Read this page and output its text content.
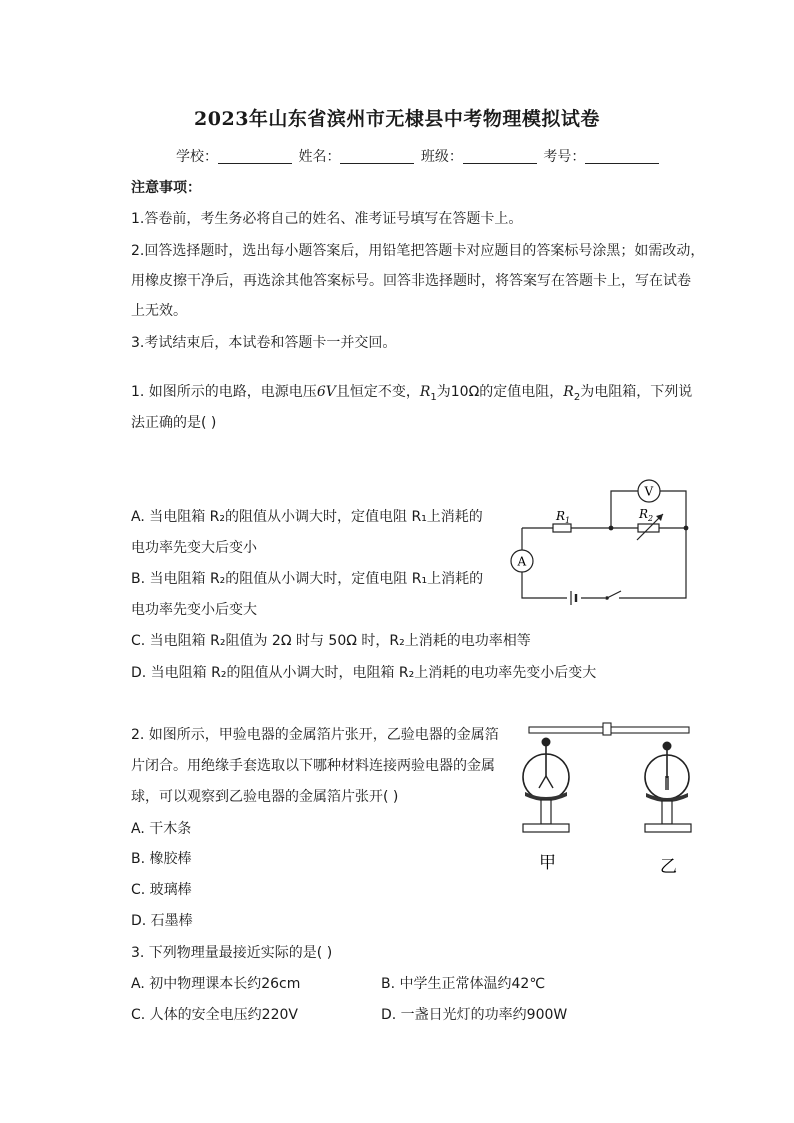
2023年山东省滨州市无棣县中考物理模拟试卷
学校：	姓名：	班级：	考号：
注意事项：
1.答卷前，考生务必将自己的姓名、准考证号填写在答题卡上。
2.回答选择题时，选出每小题答案后，用铅笔把答题卡对应题目的答案标号涂黑；如需改动，
用橡皮擦干净后，再选涂其他答案标号。回答非选择题时，将答案写在答题卡上，写在试卷
上无效。
3.考试结束后，本试卷和答题卡一并交回。
1. 如图所示的电路，电源电压6V且恒定不变，$R_1$为10Ω的定值电阻，$R_2$为电阻箱，下列说
法正确的是( )
A. 当电阻箱 R₂的阻值从小调大时，定值电阻 R₁上消耗的
电功率先变大后变小
B. 当电阻箱 R₂的阻值从小调大时，定值电阻 R₁上消耗的
电功率先变小后变大
C. 当电阻箱 R₂阻值为 2Ω 时与 50Ω 时，R₂上消耗的电功率相等
D. 当电阻箱 R₂的阻值从小调大时，电阻箱 R₂上消耗的电功率先变小后变大
$R_1$	$R_2$
V
A
2. 如图所示，甲验电器的金属箔片张开，乙验电器的金属箔
片闭合。用绝缘手套选取以下哪种材料连接两验电器的金属
球，可以观察到乙验电器的金属箔片张开( )
A. 干木条
B. 橡胶棒
C. 玻璃棒
D. 石墨棒
甲	乙
3. 下列物理量最接近实际的是( )
A. 初中物理课本长约26cm	B. 中学生正常体温约42℃
C. 人体的安全电压约220V	D. 一盏日光灯的功率约900W
